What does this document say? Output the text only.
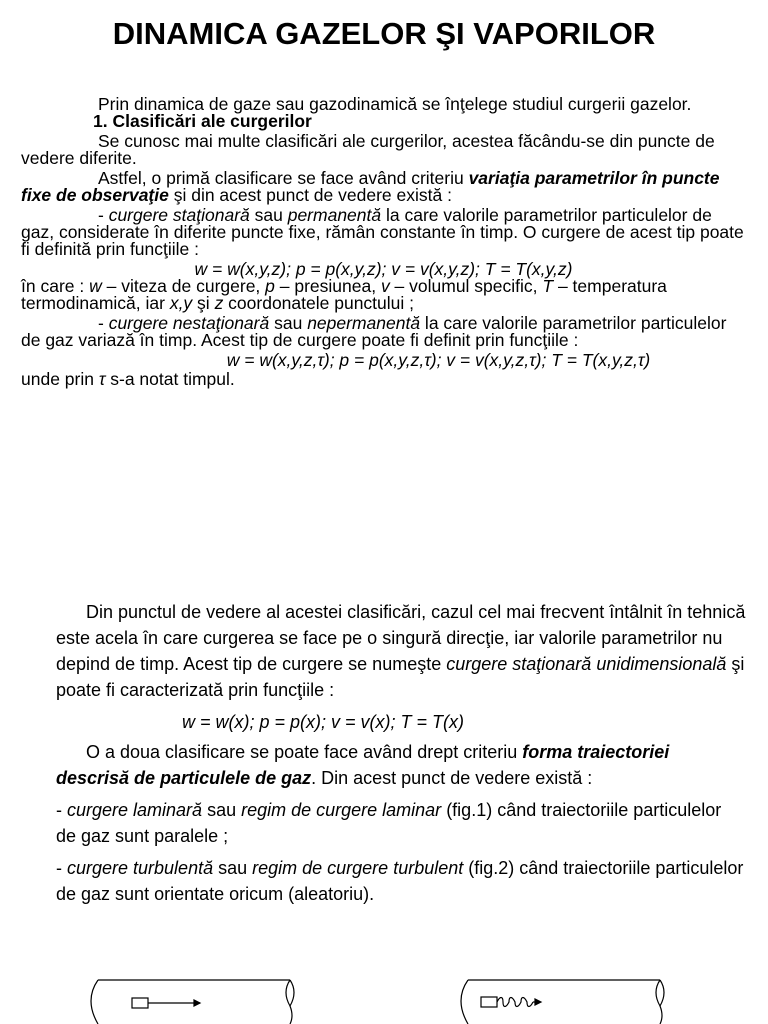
DINAMICA GAZELOR ŞI VAPORILOR

Prin dinamica de gaze sau gazodinamică se înţelege studiul curgerii gazelor.

1. Clasificări ale curgerilor

Se cunosc mai multe clasificări ale curgerilor, acestea făcându-se din puncte de vedere diferite.

Astfel, o primă clasificare se face având criteriu variaţia parametrilor în puncte fixe de observaţie şi din acest punct de vedere există :

- curgere staţionară sau permanentă la care valorile parametrilor particulelor de gaz, considerate în diferite puncte fixe, rămân constante în timp. O curgere de acest tip poate fi definită prin funcţiile :

w = w(x,y,z); p = p(x,y,z); v = v(x,y,z); T = T(x,y,z)

în care : w – viteza de curgere, p – presiunea, v – volumul specific, T – temperatura termodinamică, iar x,y şi z coordonatele punctului ;

- curgere nestaţionară sau nepermanentă la care valorile parametrilor particulelor de gaz variază în timp. Acest tip de curgere poate fi definit prin funcţiile :

w = w(x,y,z,τ); p = p(x,y,z,τ); v = v(x,y,z,τ); T = T(x,y,z,τ)

unde prin τ s-a notat timpul.

Din punctul de vedere al acestei clasificări, cazul cel mai frecvent întâlnit în tehnică este acela în care curgerea se face pe o singură direcţie, iar valorile parametrilor nu depind de timp. Acest tip de curgere se numeşte curgere staţionară unidimensională şi poate fi caracterizată prin funcţiile :

w = w(x); p = p(x); v = v(x); T = T(x)

O a doua clasificare se poate face având drept criteriu forma traiectoriei descrisă de particulele de gaz. Din acest punct de vedere există :

- curgere laminară sau regim de curgere laminar (fig.1) când traiectoriile particulelor de gaz sunt paralele ;

- curgere turbulentă sau regim de curgere turbulent (fig.2) când traiectoriile particulelor de gaz sunt orientate oricum (aleatoriu).
